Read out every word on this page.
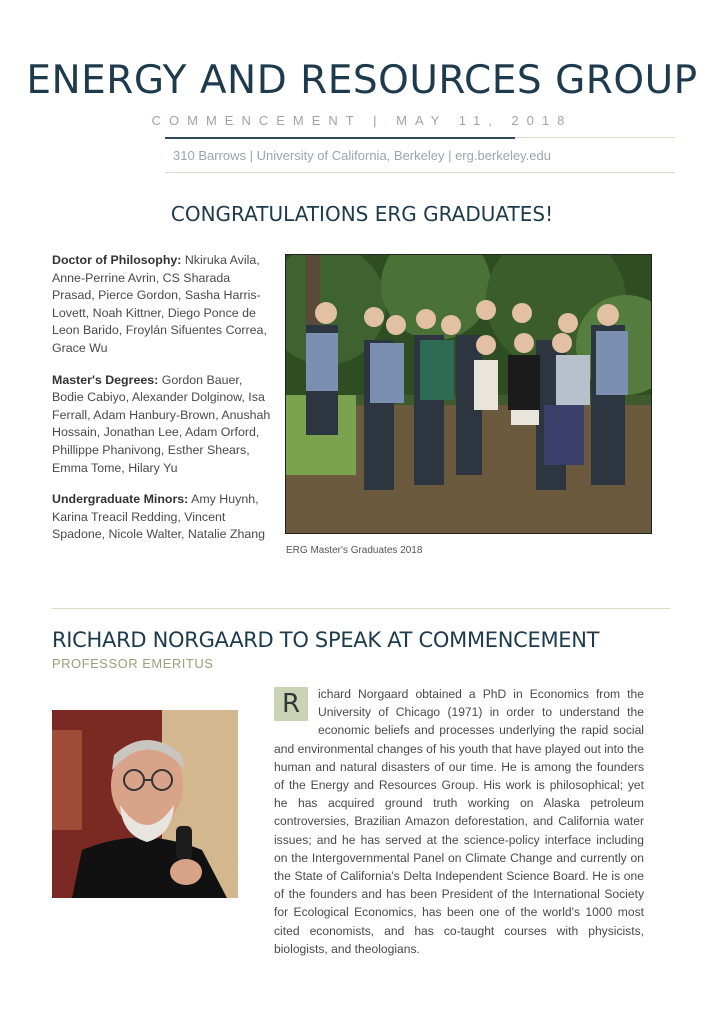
ENERGY AND RESOURCES GROUP
COMMENCEMENT | MAY 11, 2018
310 Barrows | University of California, Berkeley | erg.berkeley.edu
CONGRATULATIONS ERG GRADUATES!

Doctor of Philosophy: Nkiruka Avila, Anne-Perrine Avrin, CS Sharada Prasad, Pierce Gordon, Sasha Harris-Lovett, Noah Kittner, Diego Ponce de Leon Barido, Froylán Sifuentes Correa, Grace Wu

Master's Degrees: Gordon Bauer, Bodie Cabiyo, Alexander Dolginow, Isa Ferrall, Adam Hanbury-Brown, Anushah Hossain, Jonathan Lee, Adam Orford, Phillippe Phanivong, Esther Shears, Emma Tome, Hilary Yu

Undergraduate Minors: Amy Huynh, Karina Treacil Redding, Vincent Spadone, Nicole Walter, Natalie Zhang

ERG Master's Graduates 2018
RICHARD NORGAARD TO SPEAK AT COMMENCEMENT
PROFESSOR EMERITUS
R	ichard Norgaard obtained a PhD in Economics from the University of Chicago (1971) in order to understand the economic beliefs and processes underlying the rapid social and environmental changes of his youth that have played out into the human and natural disasters of our time. He is among the founders of the Energy and Resources Group. His work is philosophical; yet he has acquired ground truth working on Alaska petroleum controversies, Brazilian Amazon deforestation, and California water issues; and he has served at the science-policy interface including on the Intergovernmental Panel on Climate Change and currently on the State of California's Delta Independent Science Board. He is one of the founders and has been President of the International Society for Ecological Economics, has been one of the world's 1000 most cited economists, and has co-taught courses with physicists, biologists, and theologians.
